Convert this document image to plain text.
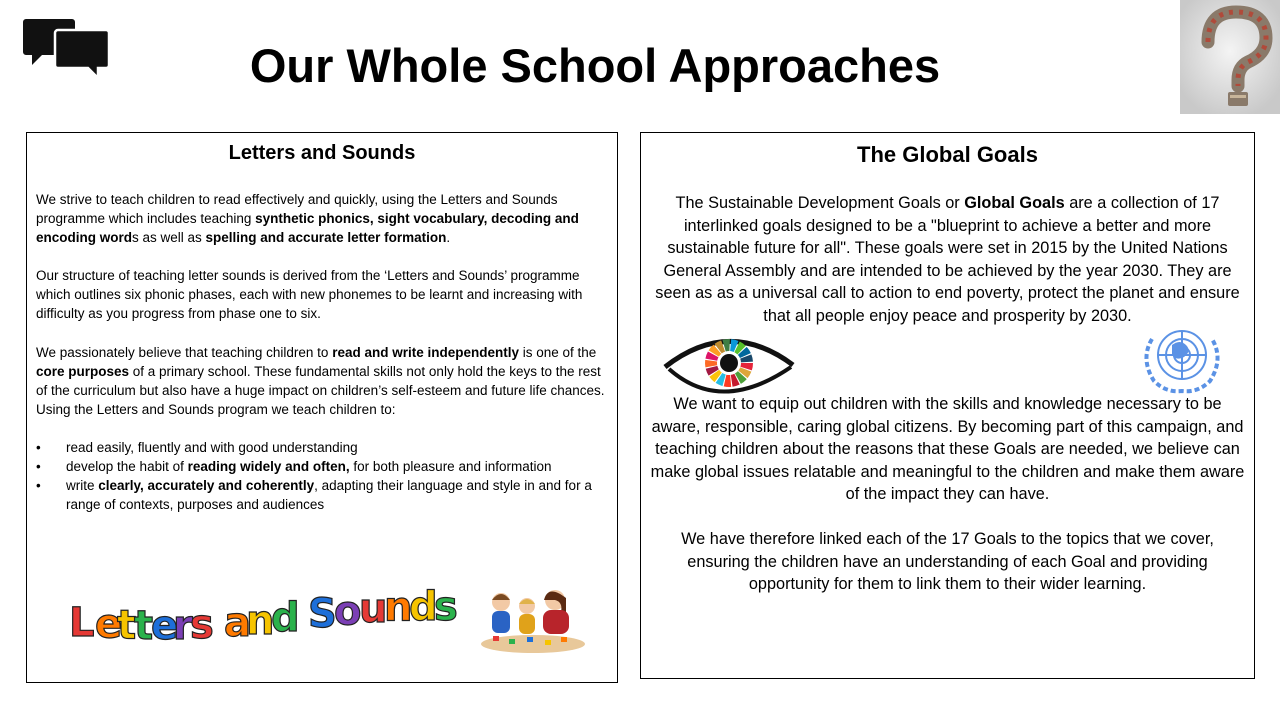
Our Whole School Approaches
Letters and Sounds

We strive to teach children to read effectively and quickly, using the Letters and Sounds programme which includes teaching synthetic phonics, sight vocabulary, decoding and encoding words as well as spelling and accurate letter formation.

Our structure of teaching letter sounds is derived from the ‘Letters and Sounds’ programme which outlines six phonic phases, each with new phonemes to be learnt and increasing with difficulty as you progress from phase one to six.

We passionately believe that teaching children to read and write independently is one of the core purposes of a primary school. These fundamental skills not only hold the keys to the rest of the curriculum but also have a huge impact on children’s self-esteem and future life chances. Using the Letters and Sounds program we teach children to:

• read easily, fluently and with good understanding
• develop the habit of reading widely and often, for both pleasure and information
• write clearly, accurately and coherently, adapting their language and style in and for a range of contexts, purposes and audiences
L e
t
t
e
r
s a
n
d S
o
u
n
d
s
The Global Goals

The Sustainable Development Goals or Global Goals are a collection of 17 interlinked goals designed to be a "blueprint to achieve a better and more sustainable future for all". These goals were set in 2015 by the United Nations General Assembly and are intended to be achieved by the year 2030. They are seen as as a universal call to action to end poverty, protect the planet and ensure that all people enjoy peace and prosperity by 2030.

We want to equip out children with the skills and knowledge necessary to be aware, responsible, caring global citizens. By becoming part of this campaign, and teaching children about the reasons that these Goals are needed, we believe can make global issues relatable and meaningful to the children and make them aware of the impact they can have.

We have therefore linked each of the 17 Goals to the topics that we cover, ensuring the children have an understanding of each Goal and providing opportunity for them to link them to their wider learning.
